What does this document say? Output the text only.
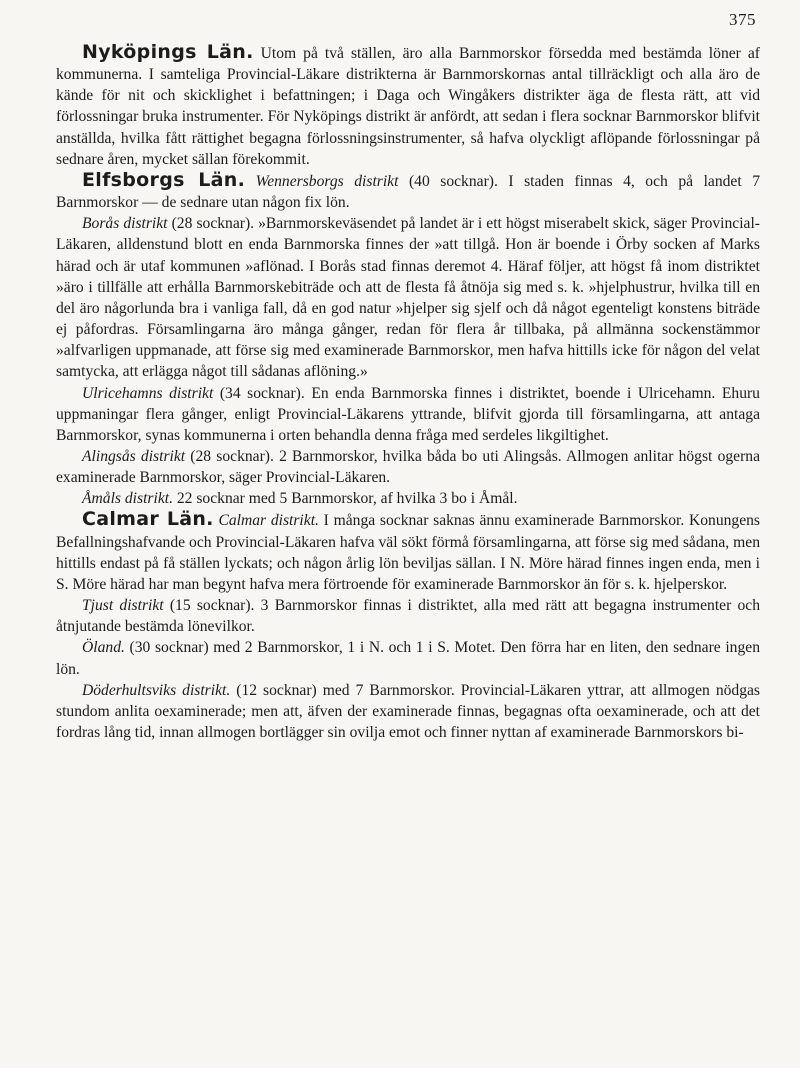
375

Nyköpings Län. Utom på två ställen, äro alla Barnmorskor försedda med bestämda löner af kommunerna. I samteliga Provincial-Läkare distrikterna är Barnmorskornas antal tillräckligt och alla äro de kände för nit och skicklighet i befattningen; i Daga och Wingåkers distrikter äga de flesta rätt, att vid förlossningar bruka instrumenter. För Nyköpings distrikt är anfördt, att sedan i flera socknar Barnmorskor blifvit anställda, hvilka fått rättighet begagna förlossningsinstrumenter, så hafva olyckligt aflöpande förlossningar på sednare åren, mycket sällan förekommit.

Elfsborgs Län. Wennersborgs distrikt (40 socknar). I staden finnas 4, och på landet 7 Barnmorskor — de sednare utan någon fix lön.

Borås distrikt (28 socknar). »Barnmorskeväsendet på landet är i ett högst miserabelt skick, säger Provincial-Läkaren, alldenstund blott en enda Barnmorska finnes der »att tillgå. Hon är boende i Örby socken af Marks härad och är utaf kommunen »aflönad. I Borås stad finnas deremot 4. Häraf följer, att högst få inom distriktet »äro i tillfälle att erhålla Barnmorskebiträde och att de flesta få åtnöja sig med s. k. »hjelphustrur, hvilka till en del äro någorlunda bra i vanliga fall, då en god natur »hjelper sig sjelf och då något egenteligt konstens biträde ej påfordras. Församlingarna äro många gånger, redan för flera år tillbaka, på allmänna sockenstämmor »alfvarligen uppmanade, att förse sig med examinerade Barnmorskor, men hafva hittills icke för någon del velat samtycka, att erlägga något till sådanas aflöning.»

Ulricehamns distrikt (34 socknar). En enda Barnmorska finnes i distriktet, boende i Ulricehamn. Ehuru uppmaningar flera gånger, enligt Provincial-Läkarens yttrande, blifvit gjorda till församlingarna, att antaga Barnmorskor, synas kommunerna i orten behandla denna fråga med serdeles likgiltighet.

Alingsås distrikt (28 socknar). 2 Barnmorskor, hvilka båda bo uti Alingsås. Allmogen anlitar högst ogerna examinerade Barnmorskor, säger Provincial-Läkaren.

Åmåls distrikt. 22 socknar med 5 Barnmorskor, af hvilka 3 bo i Åmål.

Calmar Län. Calmar distrikt. I många socknar saknas ännu examinerade Barnmorskor. Konungens Befallningshafvande och Provincial-Läkaren hafva väl sökt förmå församlingarna, att förse sig med sådana, men hittills endast på få ställen lyckats; och någon årlig lön beviljas sällan. I N. Möre härad finnes ingen enda, men i S. Möre härad har man begynt hafva mera förtroende för examinerade Barnmorskor än för s. k. hjelperskor.

Tjust distrikt (15 socknar). 3 Barnmorskor finnas i distriktet, alla med rätt att begagna instrumenter och åtnjutande bestämda lönevilkor.

Öland. (30 socknar) med 2 Barnmorskor, 1 i N. och 1 i S. Motet. Den förra har en liten, den sednare ingen lön.

Döderhultsviks distrikt. (12 socknar) med 7 Barnmorskor. Provincial-Läkaren yttrar, att allmogen nödgas stundom anlita oexaminerade; men att, äfven der examinerade finnas, begagnas ofta oexaminerade, och att det fordras lång tid, innan allmogen bortlägger sin ovilja emot och finner nyttan af examinerade Barnmorskors bi-
